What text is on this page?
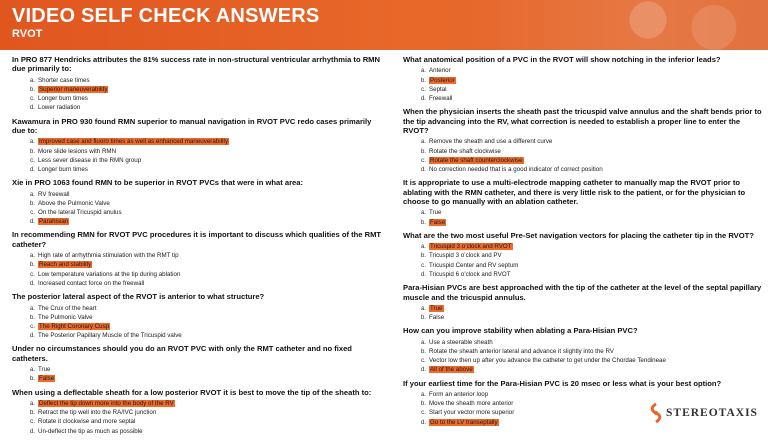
VIDEO SELF CHECK ANSWERS
RVOT

In PRO 877 Hendricks attributes the 81% success rate in non-structural ventricular arrhythmia to RMN due primarily to:

a. Shorter case times
b. Superior maneuverability
c. Longer burn times
d. Lower radiation

Kawamura in PRO 930 found RMN superior to manual navigation in RVOT PVC redo cases primarily due to:

a. Improved case and fluoro times as well as enhanced maneuverability
b. More slide lesions with RMN
c. Less sever disease in the RMN group
d. Longer burn times

Xie in PRO 1063 found RMN to be superior in RVOT PVCs that were in what area:

a. RV freewall
b. Above the Pulmonic Valve
c. On the lateral Tricuspid anulus
d. Parahisian

In recommending RMN for RVOT PVC procedures it is important to discuss which qualities of the RMT catheter?

a. High rate of arrhythmia stimulation with the RMT tip
b. Reach and stability
c. Low temperature variations at the tip during ablation
d. Increased contact force on the freewall

The posterior lateral aspect of the RVOT is anterior to what structure?

a. The Crux of the heart
b. The Pulmonic Valve
c. The Right Coronary Cusp
d. The Posterior Papillary Muscle of the Tricuspid valve

Under no circumstances should you do an RVOT PVC with only the RMT catheter and no fixed catheters.

a. True
b. False

When using a deflectable sheath for a low posterior RVOT it is best to move the tip of the sheath to:

a. Deflect the tip down more into the body of the RV
b. Retract the tip well into the RA/IVC junction
c. Rotate it clockwise and more septal
d. Un-deflect the tip as much as possible

What anatomical position of a PVC in the RVOT will show notching in the inferior leads?

a. Anterior
b. Posterior
c. Septal
d. Freewall

When the physician inserts the sheath past the tricuspid valve annulus and the shaft bends prior to the tip advancing into the RV, what correction is needed to establish a proper line to enter the RVOT?

a. Remove the sheath and use a different curve
b. Rotate the shaft clockwise
c. Rotate the shaft counterclockwise
d. No correction needed that is a good indicator of correct position

It is appropriate to use a multi-electrode mapping catheter to manually map the RVOT prior to ablating with the RMN catheter, and there is very little risk to the patient, or for the physician to choose to go manually with an ablation catheter.

a. True
b. False

What are the two most useful Pre-Set navigation vectors for placing the catheter tip in the RVOT?

a. Tricuspid 3 o’clock and RVOT
b. Tricuspid 3 o’clock and PV
c. Tricuspid Center and RV septum
d. Tricuspid 6 o’clock and RVOT

Para-Hisian PVCs are best approached with the tip of the catheter at the level of the septal papillary muscle and the tricuspid annulus.

a. True
b. False

How can you improve stability when ablating a Para-Hisian PVC?

a. Use a steerable sheath
b. Rotate the sheath anterior lateral and advance it slightly into the RV
c. Vector low then up after you advance the catheter to get under the Chordae Tendineae
d. All of the above

If your earliest time for the Para-Hisian PVC is 20 msec or less what is your best option?

a. Form an anterior loop
b. Move the sheath more anterior
c. Start your vector more superior
d. Go to the LV transeptally
STEREOTAXIS
